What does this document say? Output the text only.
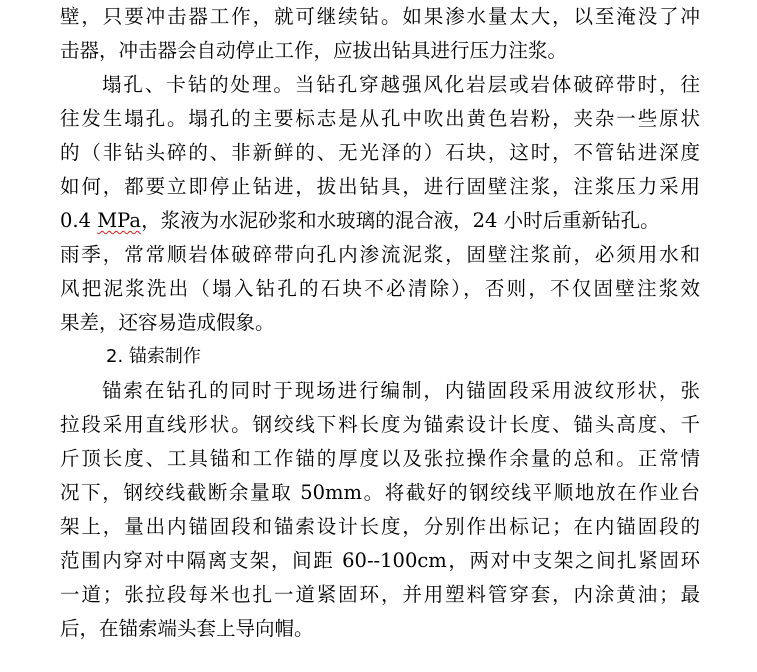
壁，只要冲击器工作，就可继续钻。如果渗水量太大，以至淹没了冲
击器，冲击器会自动停止工作，应拔出钻具进行压力注浆。
塌孔、卡钻的处理。当钻孔穿越强风化岩层或岩体破碎带时，往
往发生塌孔。塌孔的主要标志是从孔中吹出黄色岩粉，夹杂一些原状
的（非钻头碎的、非新鲜的、无光泽的）石块，这时，不管钻进深度
如何，都要立即停止钻进，拔出钻具，进行固壁注浆，注浆压力采用
0.4 MPa，浆液为水泥砂浆和水玻璃的混合液，24 小时后重新钻孔。
雨季，常常顺岩体破碎带向孔内渗流泥浆，固壁注浆前，必须用水和
风把泥浆洗出（塌入钻孔的石块不必清除），否则，不仅固壁注浆效
果差，还容易造成假象。
2. 锚索制作
锚索在钻孔的同时于现场进行编制，内锚固段采用波纹形状，张
拉段采用直线形状。钢绞线下料长度为锚索设计长度、锚头高度、千
斤顶长度、工具锚和工作锚的厚度以及张拉操作余量的总和。正常情
况下，钢绞线截断余量取 50mm。将截好的钢绞线平顺地放在作业台
架上，量出内锚固段和锚索设计长度，分别作出标记；在内锚固段的
范围内穿对中隔离支架，间距 60--100cm，两对中支架之间扎紧固环
一道；张拉段每米也扎一道紧固环，并用塑料管穿套，内涂黄油；最
后，在锚索端头套上导向帽。
